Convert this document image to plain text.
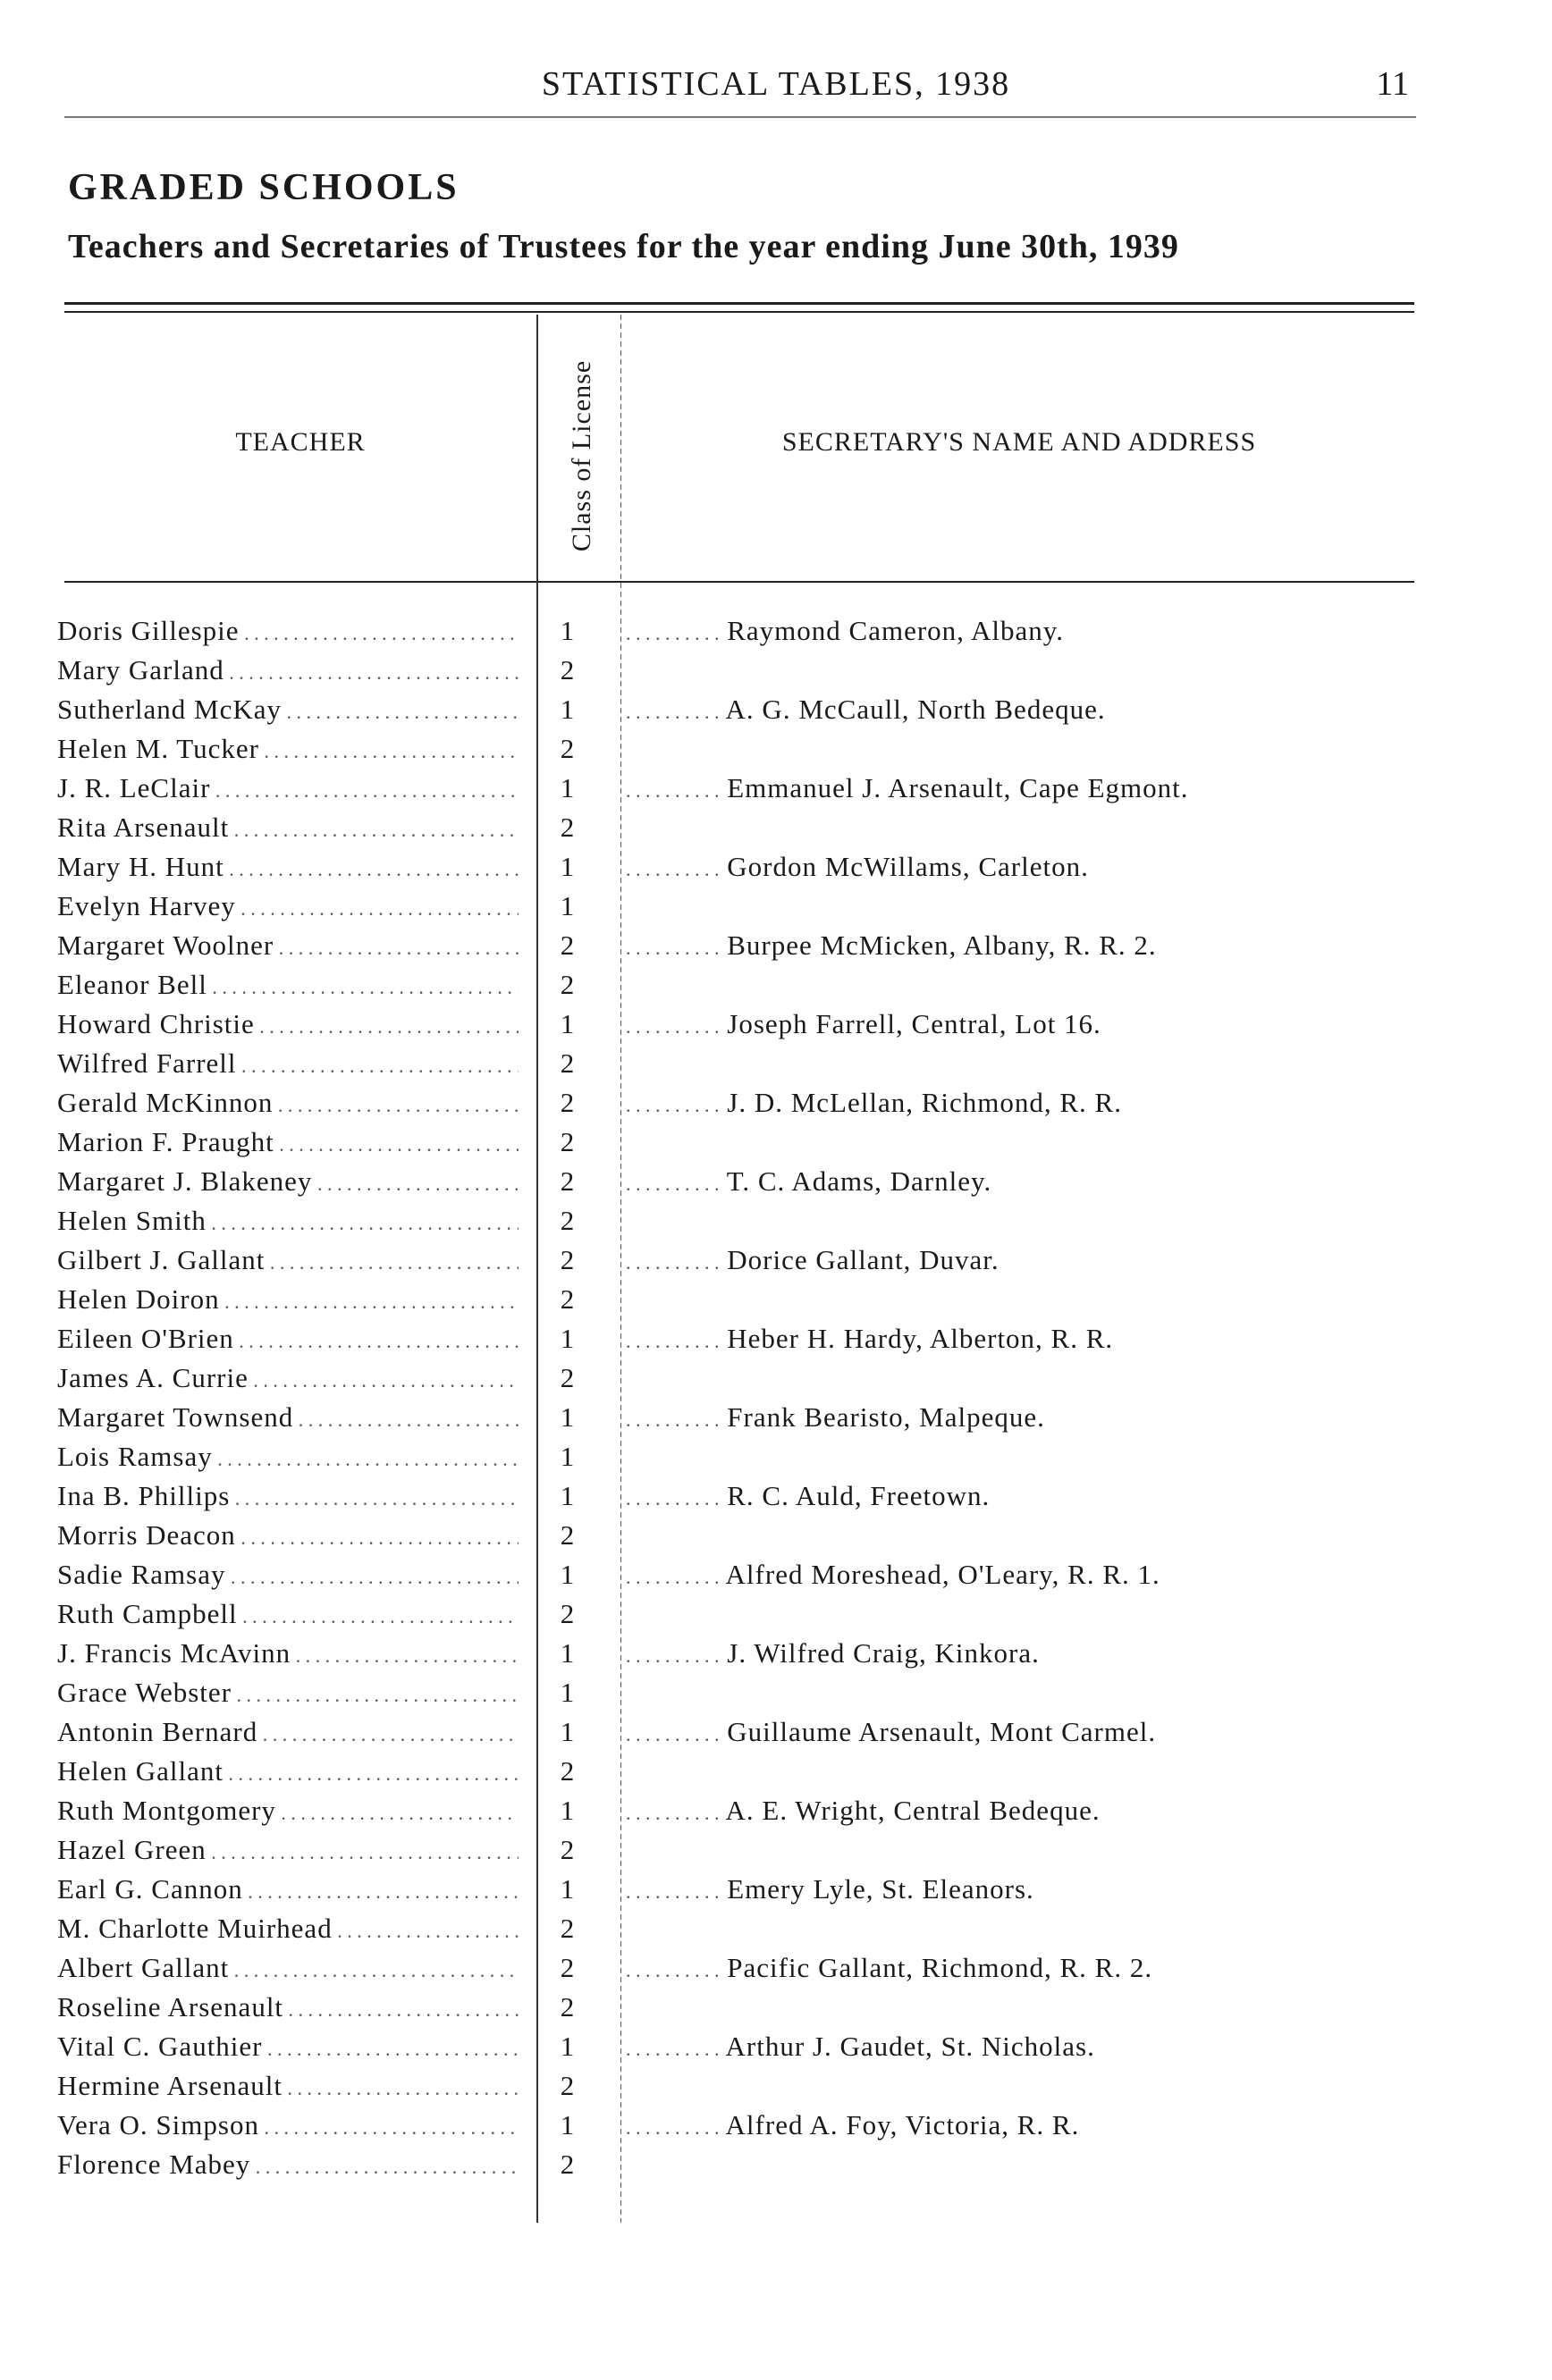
STATISTICAL TABLES, 1938	11
GRADED SCHOOLS
Teachers and Secretaries of Trustees for the year ending June 30th, 1939
TEACHER	Class of License	SECRETARY'S NAME AND ADDRESS
Doris Gillespie . . .	1	. . . . . . . . . . Raymond Cameron, Albany.
Mary Garland . . .	2
Sutherland McKay . . .	1	. . . . . . . . . . A. G. McCaull, North Bedeque.
Helen M. Tucker . . .	2
J. R. LeClair . . .	1	. . . . . . . . . . Emmanuel J. Arsenault, Cape Egmont.
Rita Arsenault . . .	2
Mary H. Hunt . . .	1	. . . . . . . . . . Gordon McWillams, Carleton.
Evelyn Harvey . . .	1
Margaret Woolner . . .	2	. . . . . . . . . . Burpee McMicken, Albany, R. R. 2.
Eleanor Bell . . .	2
Howard Christie . . .	1	. . . . . . . . . . Joseph Farrell, Central, Lot 16.
Wilfred Farrell . . .	2
Gerald McKinnon . . .	2	. . . . . . . . . . J. D. McLellan, Richmond, R. R.
Marion F. Praught . . .	2
Margaret J. Blakeney . . .	2	. . . . . . . . . . T. C. Adams, Darnley.
Helen Smith . . .	2
Gilbert J. Gallant . . .	2	. . . . . . . . . . Dorice Gallant, Duvar.
Helen Doiron . . .	2
Eileen O'Brien . . .	1	. . . . . . . . . . Heber H. Hardy, Alberton, R. R.
James A. Currie . . .	2
Margaret Townsend . . .	1	. . . . . . . . . . Frank Bearisto, Malpeque.
Lois Ramsay . . .	1
Ina B. Phillips . . .	1	. . . . . . . . . . R. C. Auld, Freetown.
Morris Deacon . . .	2
Sadie Ramsay . . .	1	. . . . . . . . . . Alfred Moreshead, O'Leary, R. R. 1.
Ruth Campbell . . .	2
J. Francis McAvinn . . .	1	. . . . . . . . . . J. Wilfred Craig, Kinkora.
Grace Webster . . .	1
Antonin Bernard . . .	1	. . . . . . . . . . Guillaume Arsenault, Mont Carmel.
Helen Gallant . . .	2
Ruth Montgomery . . .	1	. . . . . . . . . . A. E. Wright, Central Bedeque.
Hazel Green . . .	2
Earl G. Cannon . . .	1	. . . . . . . . . . Emery Lyle, St. Eleanors.
M. Charlotte Muirhead . . .	2
Albert Gallant . . .	2	. . . . . . . . . . Pacific Gallant, Richmond, R. R. 2.
Roseline Arsenault . . .	2
Vital C. Gauthier . . .	1	. . . . . . . . . . Arthur J. Gaudet, St. Nicholas.
Hermine Arsenault . . .	2
Vera O. Simpson . . .	1	. . . . . . . . . . Alfred A. Foy, Victoria, R. R.
Florence Mabey . . .	2
